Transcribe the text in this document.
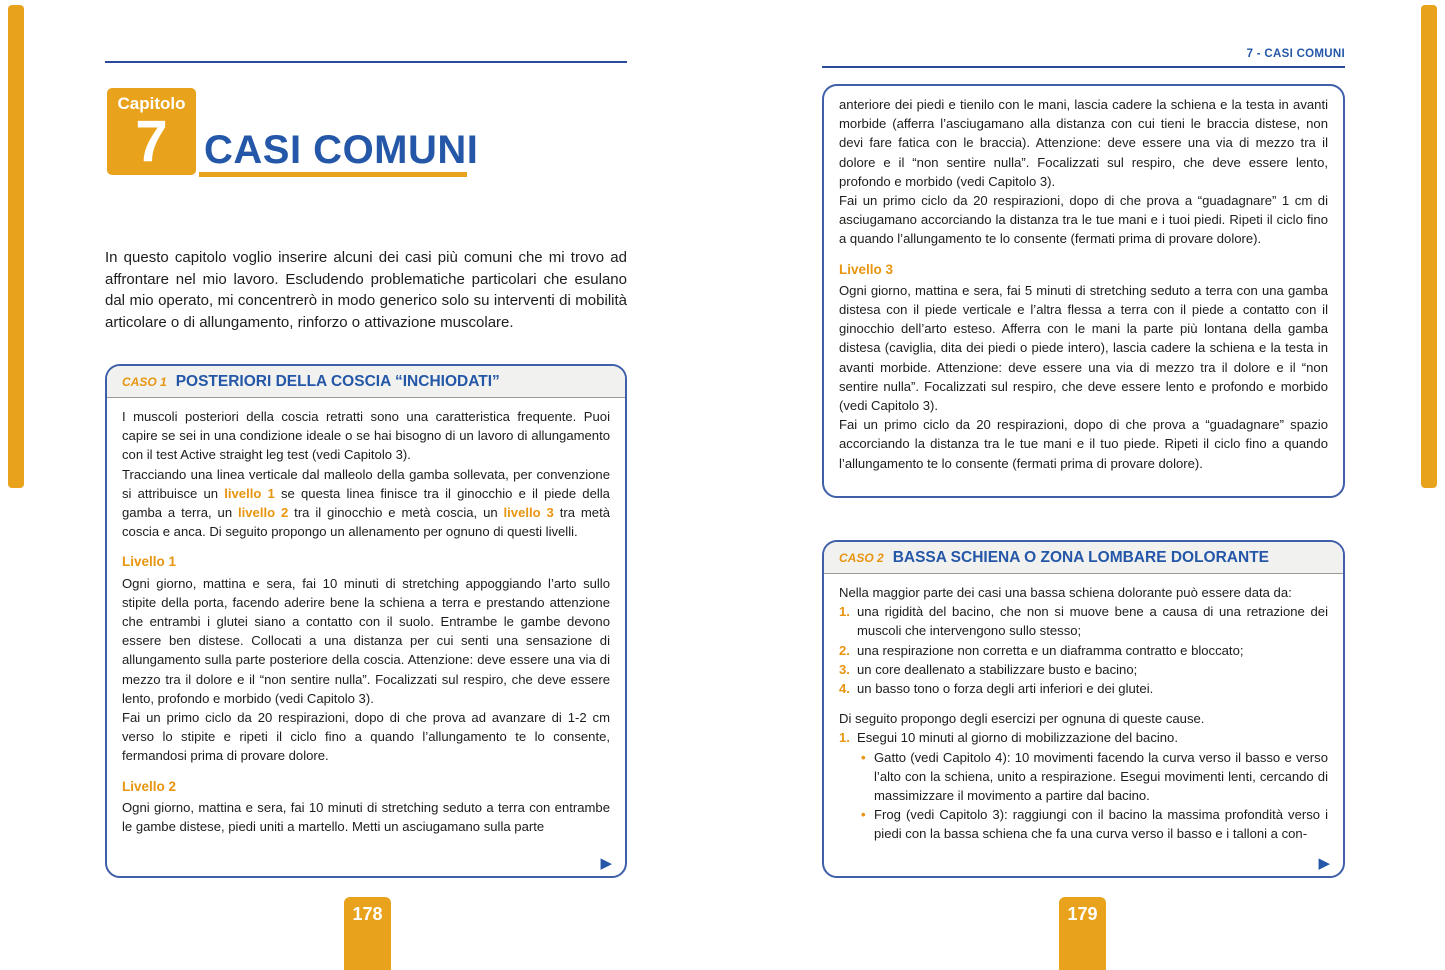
Capitolo
7 CASI COMUNI

In questo capitolo voglio inserire alcuni dei casi più comuni che mi trovo ad affrontare nel mio lavoro. Escludendo problematiche particolari che esulano dal mio operato, mi concentrerò in modo generico solo su interventi di mobilità articolare o di allungamento, rinforzo o attivazione muscolare.

CASO 1 POSTERIORI DELLA COSCIA “INCHIODATI”

I muscoli posteriori della coscia retratti sono una caratteristica frequente. Puoi capire se sei in una condizione ideale o se hai bisogno di un lavoro di allungamento con il test Active straight leg test (vedi Capitolo 3).

Tracciando una linea verticale dal malleolo della gamba sollevata, per convenzione si attribuisce un livello 1 se questa linea finisce tra il ginocchio e il piede della gamba a terra, un livello 2 tra il ginocchio e metà coscia, un livello 3 tra metà coscia e anca. Di seguito propongo un allenamento per ognuno di questi livelli.

Livello 1

Ogni giorno, mattina e sera, fai 10 minuti di stretching appoggiando l’arto sullo stipite della porta, facendo aderire bene la schiena a terra e prestando attenzione che entrambi i glutei siano a contatto con il suolo. Entrambe le gambe devono essere ben distese. Collocati a una distanza per cui senti una sensazione di allungamento sulla parte posteriore della coscia. Attenzione: deve essere una via di mezzo tra il dolore e il “non sentire nulla”. Focalizzati sul respiro, che deve essere lento, profondo e morbido (vedi Capitolo 3).

Fai un primo ciclo da 20 respirazioni, dopo di che prova ad avanzare di 1-2 cm verso lo stipite e ripeti il ciclo fino a quando l’allungamento te lo consente, fermandosi prima di provare dolore.

Livello 2

Ogni giorno, mattina e sera, fai 10 minuti di stretching seduto a terra con entrambe le gambe distese, piedi uniti a martello. Metti un asciugamano sulla parte

▶
178
7 - CASI COMUNI

anteriore dei piedi e tienilo con le mani, lascia cadere la schiena e la testa in avanti morbide (afferra l’asciugamano alla distanza con cui tieni le braccia distese, non devi fare fatica con le braccia). Attenzione: deve essere una via di mezzo tra il dolore e il “non sentire nulla”. Focalizzati sul respiro, che deve essere lento, profondo e morbido (vedi Capitolo 3).

Fai un primo ciclo da 20 respirazioni, dopo di che prova a “guadagnare” 1 cm di asciugamano accorciando la distanza tra le tue mani e i tuoi piedi. Ripeti il ciclo fino a quando l’allungamento te lo consente (fermati prima di provare dolore).

Livello 3

Ogni giorno, mattina e sera, fai 5 minuti di stretching seduto a terra con una gamba distesa con il piede verticale e l’altra flessa a terra con il piede a contatto con il ginocchio dell’arto esteso. Afferra con le mani la parte più lontana della gamba distesa (caviglia, dita dei piedi o piede intero), lascia cadere la schiena e la testa in avanti morbide. Attenzione: deve essere una via di mezzo tra il dolore e il “non sentire nulla”. Focalizzati sul respiro, che deve essere lento e profondo e morbido (vedi Capitolo 3).

Fai un primo ciclo da 20 respirazioni, dopo di che prova a “guadagnare” spazio accorciando la distanza tra le tue mani e il tuo piede. Ripeti il ciclo fino a quando l’allungamento te lo consente (fermati prima di provare dolore).

CASO 2 BASSA SCHIENA O ZONA LOMBARE DOLORANTE

Nella maggior parte dei casi una bassa schiena dolorante può essere data da:

1. una rigidità del bacino, che non si muove bene a causa di una retrazione dei muscoli che intervengono sullo stesso;
2. una respirazione non corretta e un diaframma contratto e bloccato;
3. un core deallenato a stabilizzare busto e bacino;
4. un basso tono o forza degli arti inferiori e dei glutei.

Di seguito propongo degli esercizi per ognuna di queste cause.

1. Esegui 10 minuti al giorno di mobilizzazione del bacino.
• Gatto (vedi Capitolo 4): 10 movimenti facendo la curva verso il basso e verso l’alto con la schiena, unito a respirazione. Esegui movimenti lenti, cercando di massimizzare il movimento a partire dal bacino.
• Frog (vedi Capitolo 3): raggiungi con il bacino la massima profondità verso i piedi con la bassa schiena che fa una curva verso il basso e i talloni a con-
▶
179
